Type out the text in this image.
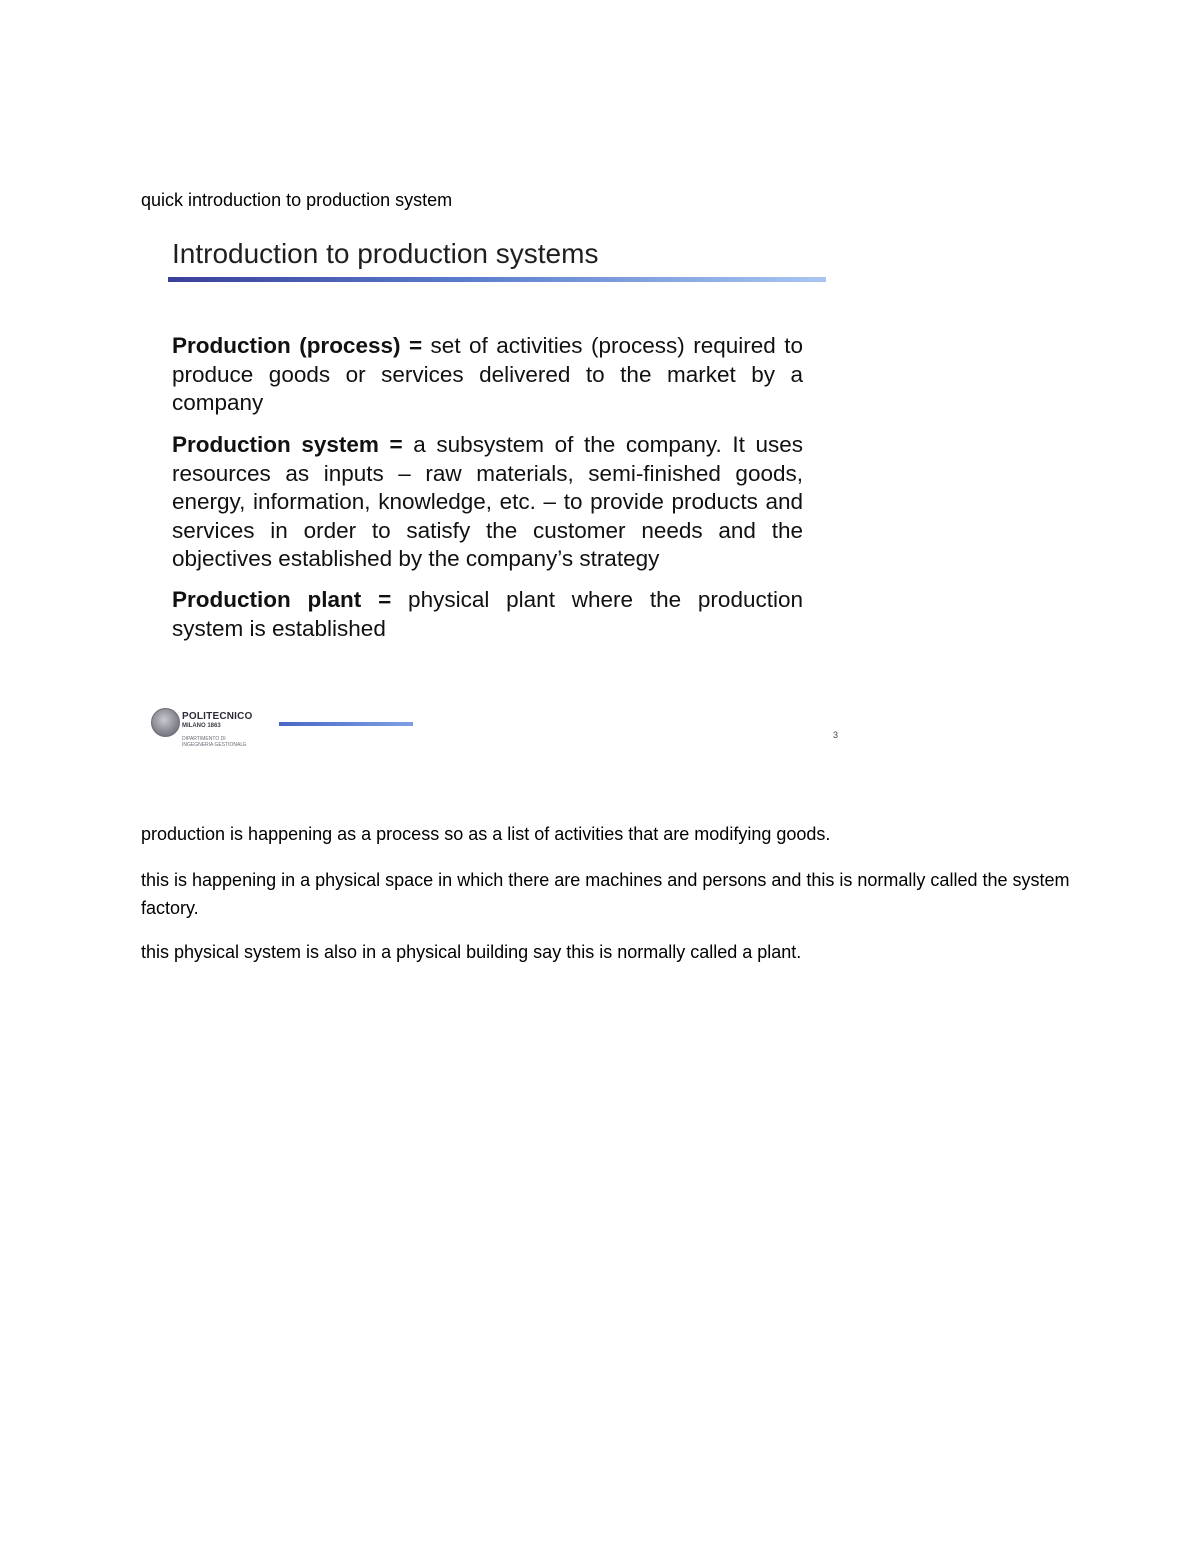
quick introduction to production system
Introduction to production systems
Production (process) = set of activities (process) required to produce goods or services delivered to the market by a company
Production system = a subsystem of the company. It uses resources as inputs – raw materials, semi-finished goods, energy, information, knowledge, etc. – to provide products and services in order to satisfy the customer needs and the objectives established by the company’s strategy
Production plant = physical plant where the production system is established
POLITECNICO
MILANO 1863
DIPARTIMENTO DI
INGEGNERIA GESTIONALE
3
production is happening as a process so as a list of activities that are modifying goods.
this is happening in a physical space in which there are machines and persons and this is normally called the system factory.
this physical system is also in a physical building say this is normally called a plant.
